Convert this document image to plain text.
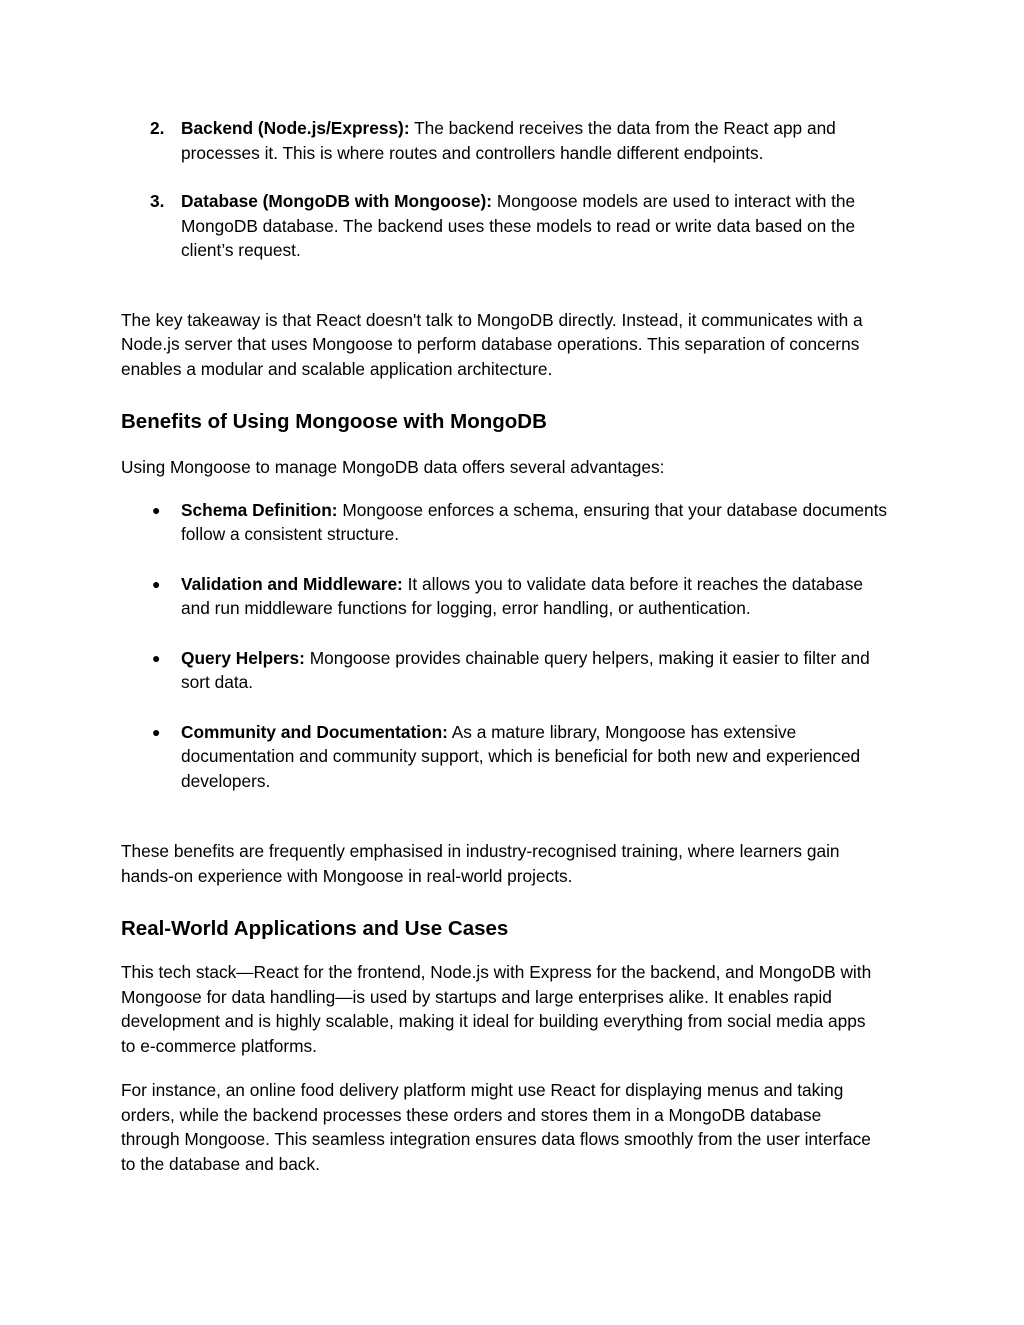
2. Backend (Node.js/Express): The backend receives the data from the React app and processes it. This is where routes and controllers handle different endpoints.
3. Database (MongoDB with Mongoose): Mongoose models are used to interact with the MongoDB database. The backend uses these models to read or write data based on the client’s request.

The key takeaway is that React doesn't talk to MongoDB directly. Instead, it communicates with a Node.js server that uses Mongoose to perform database operations. This separation of concerns enables a modular and scalable application architecture.

Benefits of Using Mongoose with MongoDB

Using Mongoose to manage MongoDB data offers several advantages:

● Schema Definition: Mongoose enforces a schema, ensuring that your database documents follow a consistent structure.
● Validation and Middleware: It allows you to validate data before it reaches the database and run middleware functions for logging, error handling, or authentication.
● Query Helpers: Mongoose provides chainable query helpers, making it easier to filter and sort data.
● Community and Documentation: As a mature library, Mongoose has extensive documentation and community support, which is beneficial for both new and experienced developers.

These benefits are frequently emphasised in industry-recognised training, where learners gain hands-on experience with Mongoose in real-world projects.

Real-World Applications and Use Cases

This tech stack—React for the frontend, Node.js with Express for the backend, and MongoDB with Mongoose for data handling—is used by startups and large enterprises alike. It enables rapid development and is highly scalable, making it ideal for building everything from social media apps to e-commerce platforms.

For instance, an online food delivery platform might use React for displaying menus and taking orders, while the backend processes these orders and stores them in a MongoDB database through Mongoose. This seamless integration ensures data flows smoothly from the user interface to the database and back.
